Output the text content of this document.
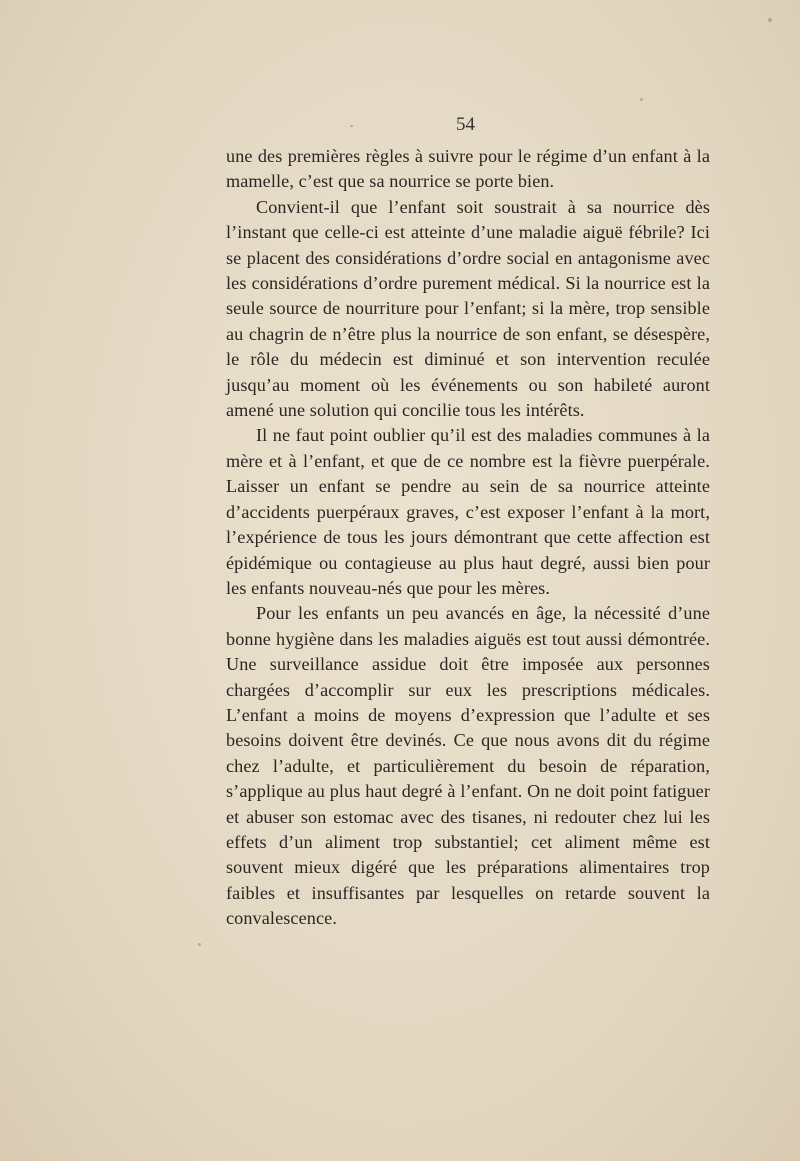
54

une des premières règles à suivre pour le régime d’un enfant à la mamelle, c’est que sa nourrice se porte bien.

Convient-il que l’enfant soit soustrait à sa nourrice dès l’instant que celle-ci est atteinte d’une maladie aiguë fébrile? Ici se placent des considérations d’ordre social en antagonisme avec les considérations d’ordre purement médical. Si la nourrice est la seule source de nourriture pour l’enfant; si la mère, trop sensible au chagrin de n’être plus la nourrice de son enfant, se désespère, le rôle du médecin est diminué et son intervention reculée jusqu’au moment où les événements ou son habileté auront amené une solution qui concilie tous les intérêts.

Il ne faut point oublier qu’il est des maladies communes à la mère et à l’enfant, et que de ce nombre est la fièvre puerpérale. Laisser un enfant se pendre au sein de sa nourrice atteinte d’accidents puerpéraux graves, c’est exposer l’enfant à la mort, l’expérience de tous les jours démontrant que cette affection est épidémique ou contagieuse au plus haut degré, aussi bien pour les enfants nouveau-nés que pour les mères.

Pour les enfants un peu avancés en âge, la nécessité d’une bonne hygiène dans les maladies aiguës est tout aussi démontrée. Une surveillance assidue doit être imposée aux personnes chargées d’accomplir sur eux les prescriptions médicales. L’enfant a moins de moyens d’expression que l’adulte et ses besoins doivent être devinés. Ce que nous avons dit du régime chez l’adulte, et particulièrement du besoin de réparation, s’applique au plus haut degré à l’enfant. On ne doit point fatiguer et abuser son estomac avec des tisanes, ni redouter chez lui les effets d’un aliment trop substantiel; cet aliment même est souvent mieux digéré que les préparations alimentaires trop faibles et insuffisantes par lesquelles on retarde souvent la convalescence.
